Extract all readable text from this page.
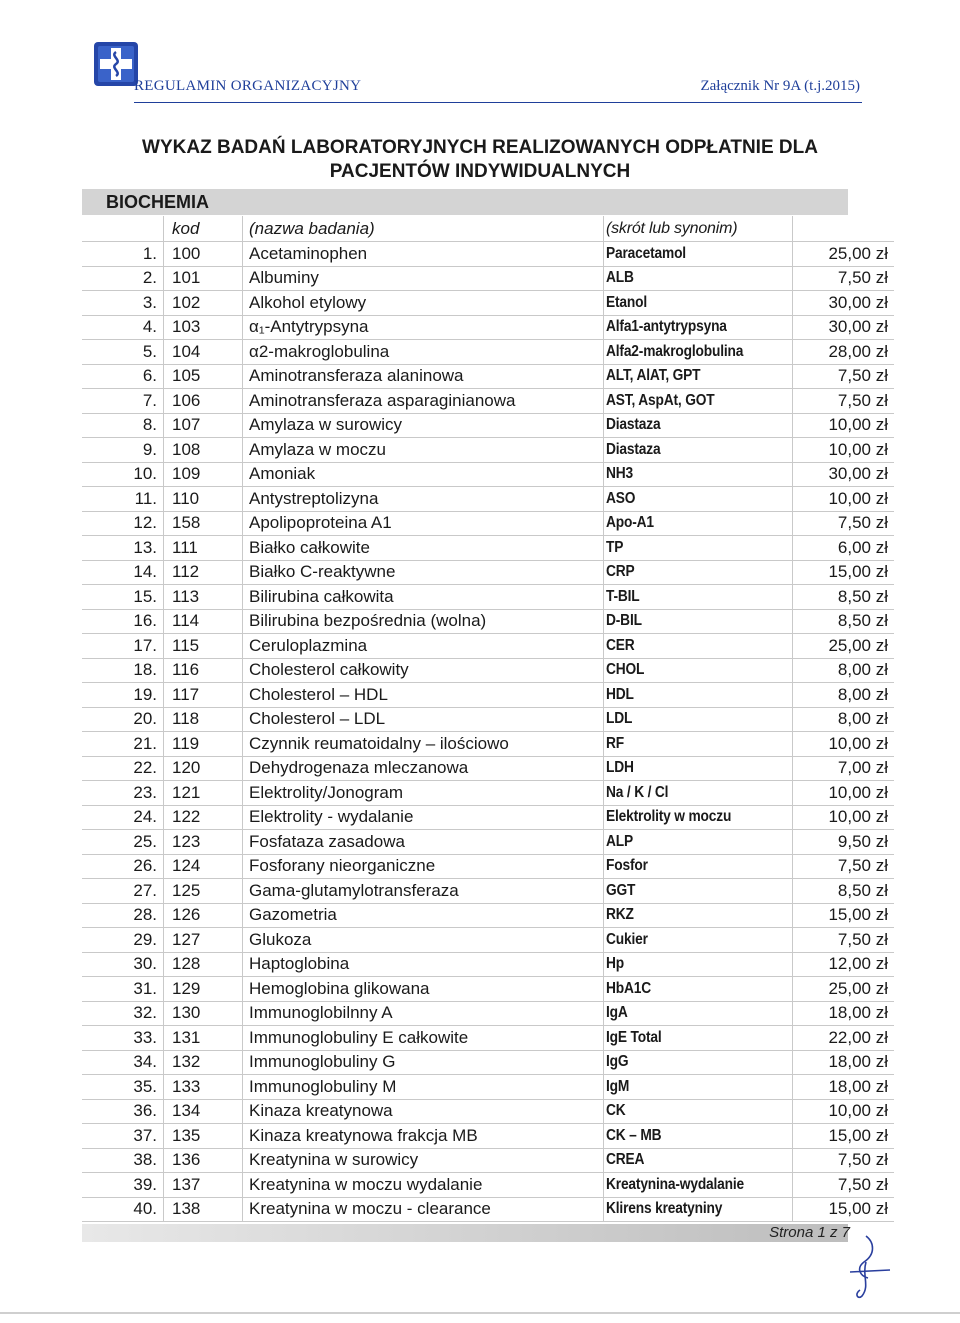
REGULAMIN ORGANIZACYJNY	Załącznik Nr 9A (t.j.2015)
WYKAZ BADAŃ LABORATORYJNYCH REALIZOWANYCH ODPŁATNIE DLA
PACJENTÓW INDYWIDUALNYCH
BIOCHEMIA
	kod	(nazwa badania)	(skrót lub synonim)	
1.	100	Acetaminophen	Paracetamol	25,00 zł
2.	101	Albuminy	ALB	7,50 zł
3.	102	Alkohol etylowy	Etanol	30,00 zł
4.	103	α₁-Antytrypsyna	Alfa1-antytrypsyna	30,00 zł
5.	104	α2-makroglobulina	Alfa2-makroglobulina	28,00 zł
6.	105	Aminotransferaza alaninowa	ALT, AlAT, GPT	7,50 zł
7.	106	Aminotransferaza asparaginianowa	AST, AspAt, GOT	7,50 zł
8.	107	Amylaza w surowicy	Diastaza	10,00 zł
9.	108	Amylaza w moczu	Diastaza	10,00 zł
10.	109	Amoniak	NH3	30,00 zł
11.	110	Antystreptolizyna	ASO	10,00 zł
12.	158	Apolipoproteina A1	Apo-A1	7,50 zł
13.	111	Białko całkowite	TP	6,00 zł
14.	112	Białko C-reaktywne	CRP	15,00 zł
15.	113	Bilirubina całkowita	T-BIL	8,50 zł
16.	114	Bilirubina bezpośrednia (wolna)	D-BIL	8,50 zł
17.	115	Ceruloplazmina	CER	25,00 zł
18.	116	Cholesterol całkowity	CHOL	8,00 zł
19.	117	Cholesterol – HDL	HDL	8,00 zł
20.	118	Cholesterol – LDL	LDL	8,00 zł
21.	119	Czynnik reumatoidalny – ilościowo	RF	10,00 zł
22.	120	Dehydrogenaza mleczanowa	LDH	7,00 zł
23.	121	Elektrolity/Jonogram	Na / K / Cl	10,00 zł
24.	122	Elektrolity - wydalanie	Elektrolity w moczu	10,00 zł
25.	123	Fosfataza zasadowa	ALP	9,50 zł
26.	124	Fosforany nieorganiczne	Fosfor	7,50 zł
27.	125	Gama-glutamylotransferaza	GGT	8,50 zł
28.	126	Gazometria	RKZ	15,00 zł
29.	127	Glukoza	Cukier	7,50 zł
30.	128	Haptoglobina	Hp	12,00 zł
31.	129	Hemoglobina glikowana	HbA1C	25,00 zł
32.	130	Immunoglobilnny A	IgA	18,00 zł
33.	131	Immunoglobuliny E całkowite	IgE Total	22,00 zł
34.	132	Immunoglobuliny G	IgG	18,00 zł
35.	133	Immunoglobuliny M	IgM	18,00 zł
36.	134	Kinaza kreatynowa	CK	10,00 zł
37.	135	Kinaza kreatynowa frakcja MB	CK – MB	15,00 zł
38.	136	Kreatynina w surowicy	CREA	7,50 zł
39.	137	Kreatynina w moczu wydalanie	Kreatynina-wydalanie	7,50 zł
40.	138	Kreatynina w moczu - clearance	Klirens kreatyniny	15,00 zł
Strona 1 z 7
